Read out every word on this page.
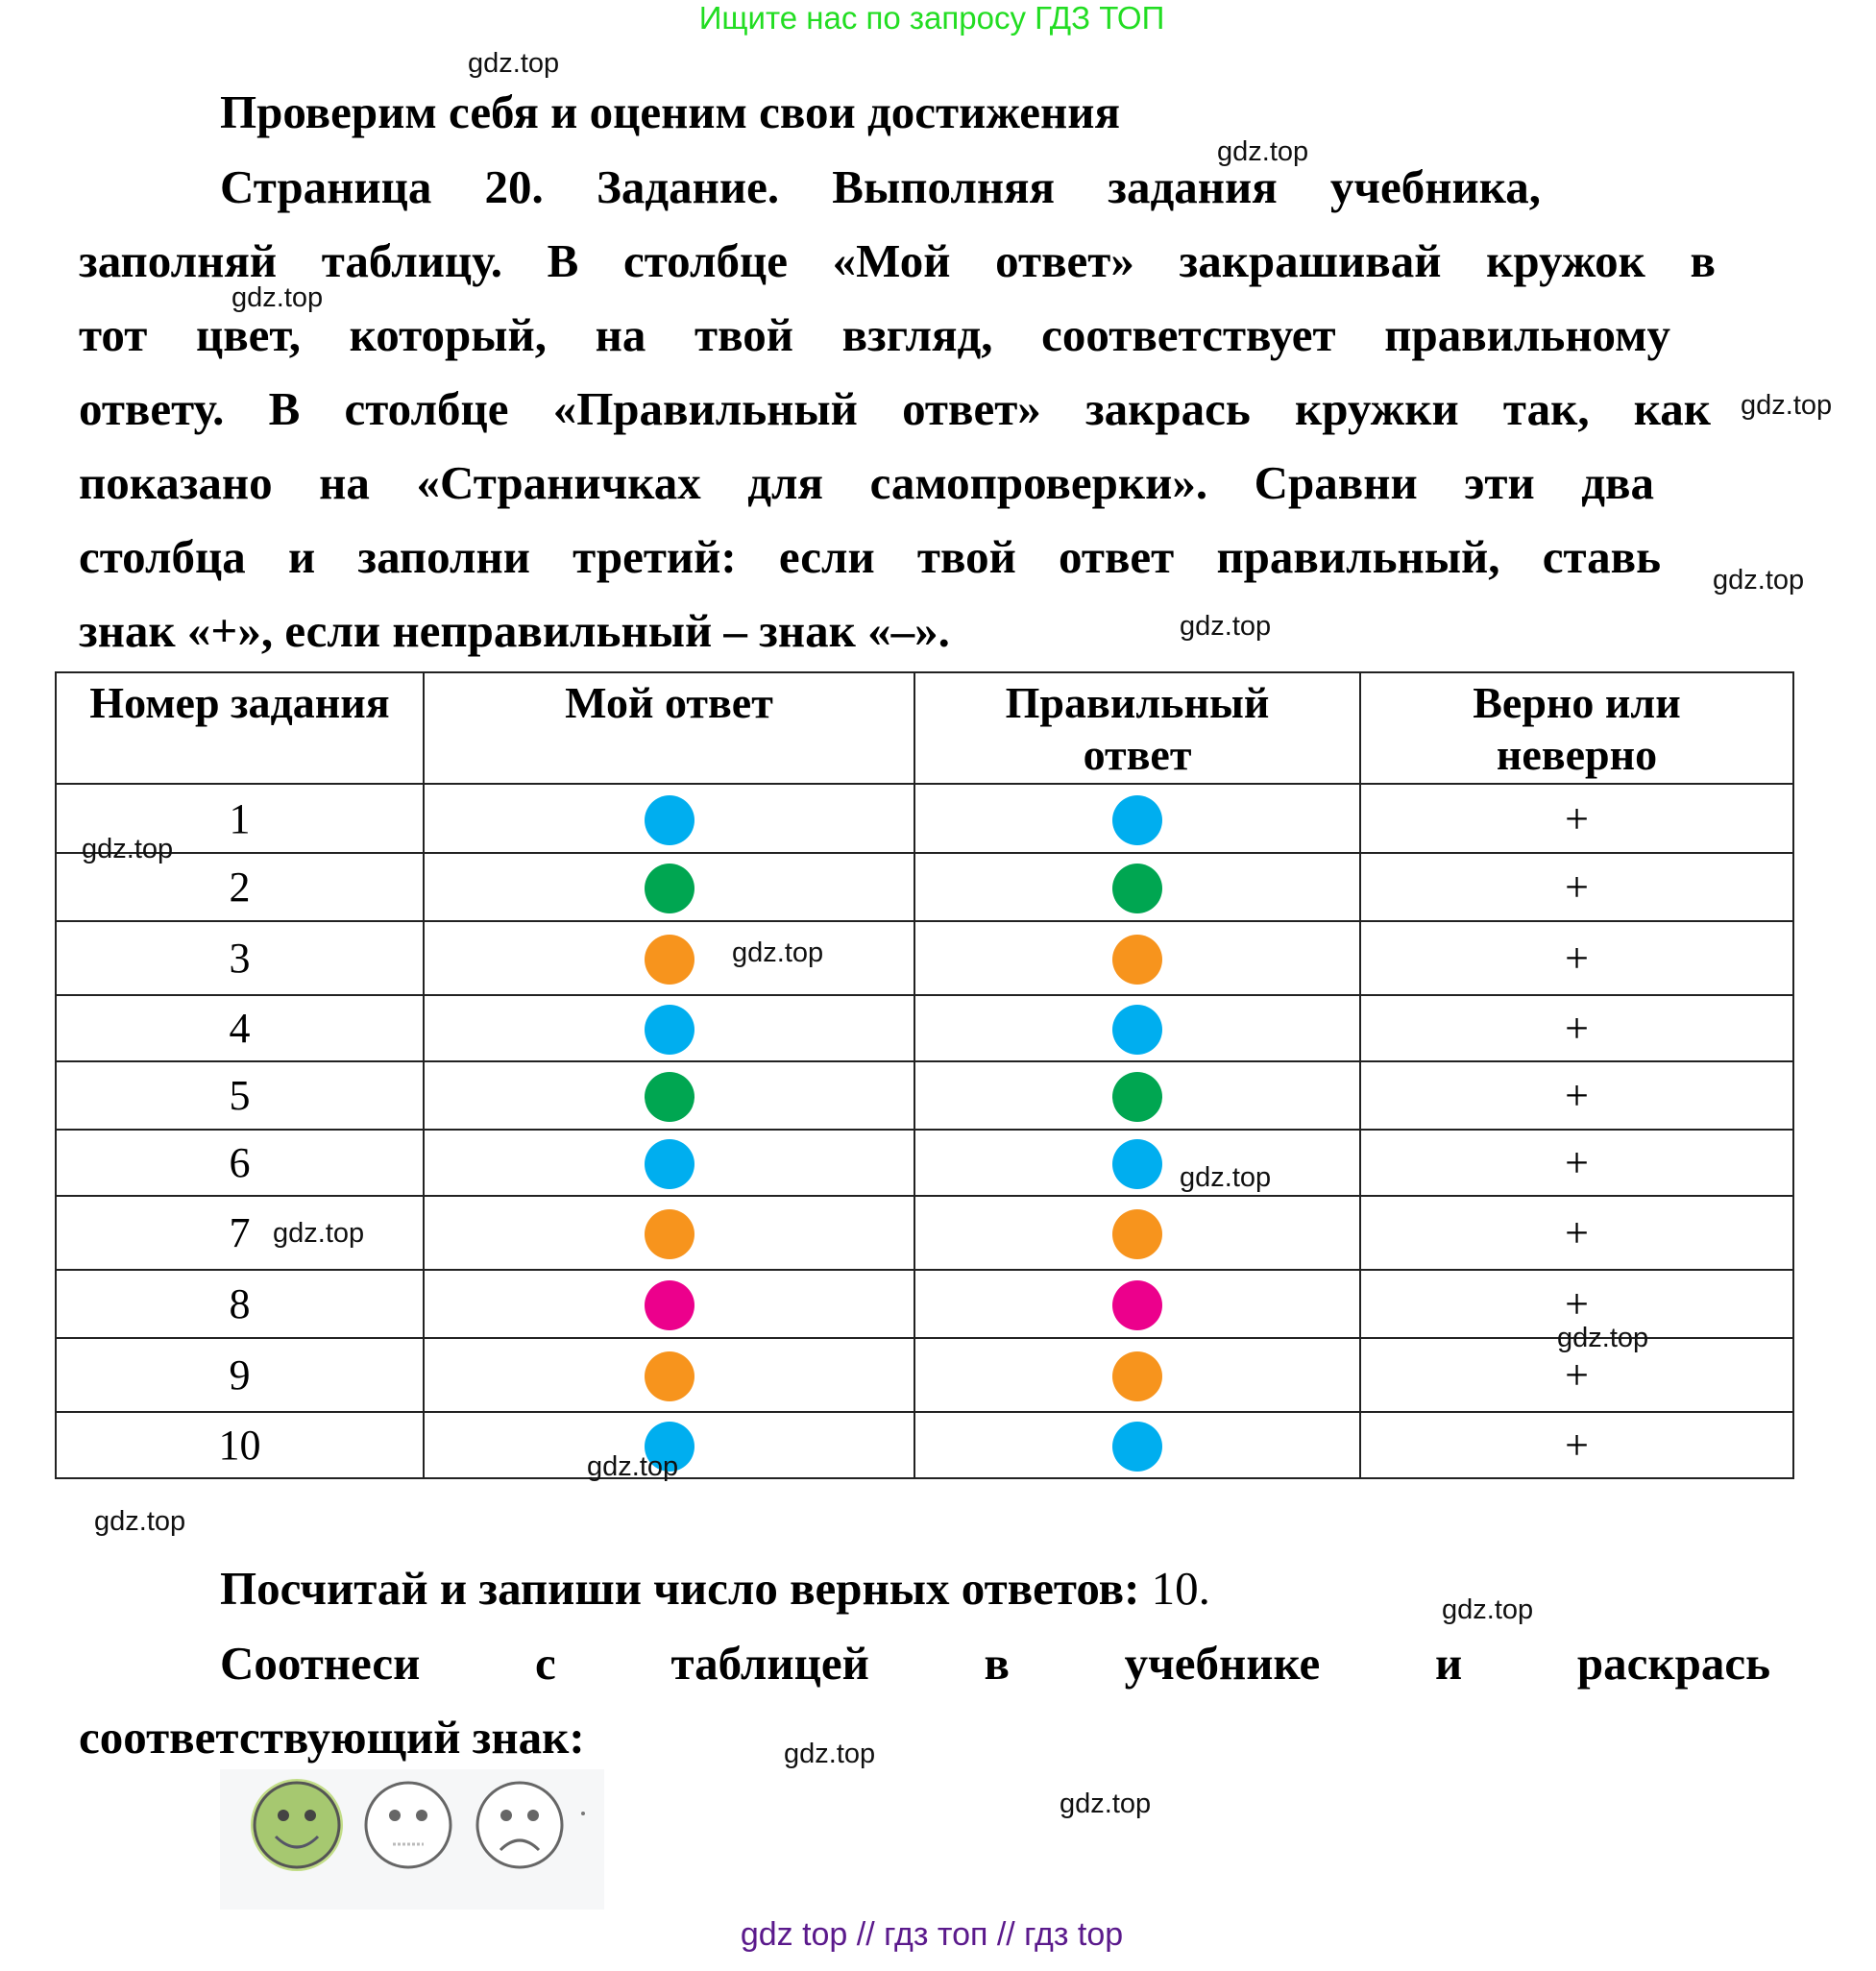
Ищите нас по запросу ГДЗ ТОП
Проверим себя и оценим свои достижения
Страница 20. Задание. Выполняя задания учебника,
заполняй таблицу. В столбце «Мой ответ» закрашивай кружок в
тот цвет, который, на твой взгляд, соответствует правильному
ответу. В столбце «Правильный ответ» закрась кружки так, как
показано на «Страничках для самопроверки». Сравни эти два
столбца и заполни третий: если твой ответ правильный, ставь
знак «+», если неправильный – знак «–».
Номер задания	Мой ответ	Правильный ответ	Верно или неверно
1			+
2			+
3			+
4			+
5			+
6			+
7			+
8			+
9			+
10			+
Посчитай и запиши число верных ответов: 10.
Соотнеси с таблицей в учебнике и раскрась
соответствующий знак:
gdz.top
gdz.top
gdz.top
gdz.top
gdz.top
gdz.top
gdz.top
gdz.top
gdz.top
gdz.top
gdz.top
gdz.top
gdz.top
gdz.top
gdz.top
gdz.top
gdz top // гдз топ // гдз top
